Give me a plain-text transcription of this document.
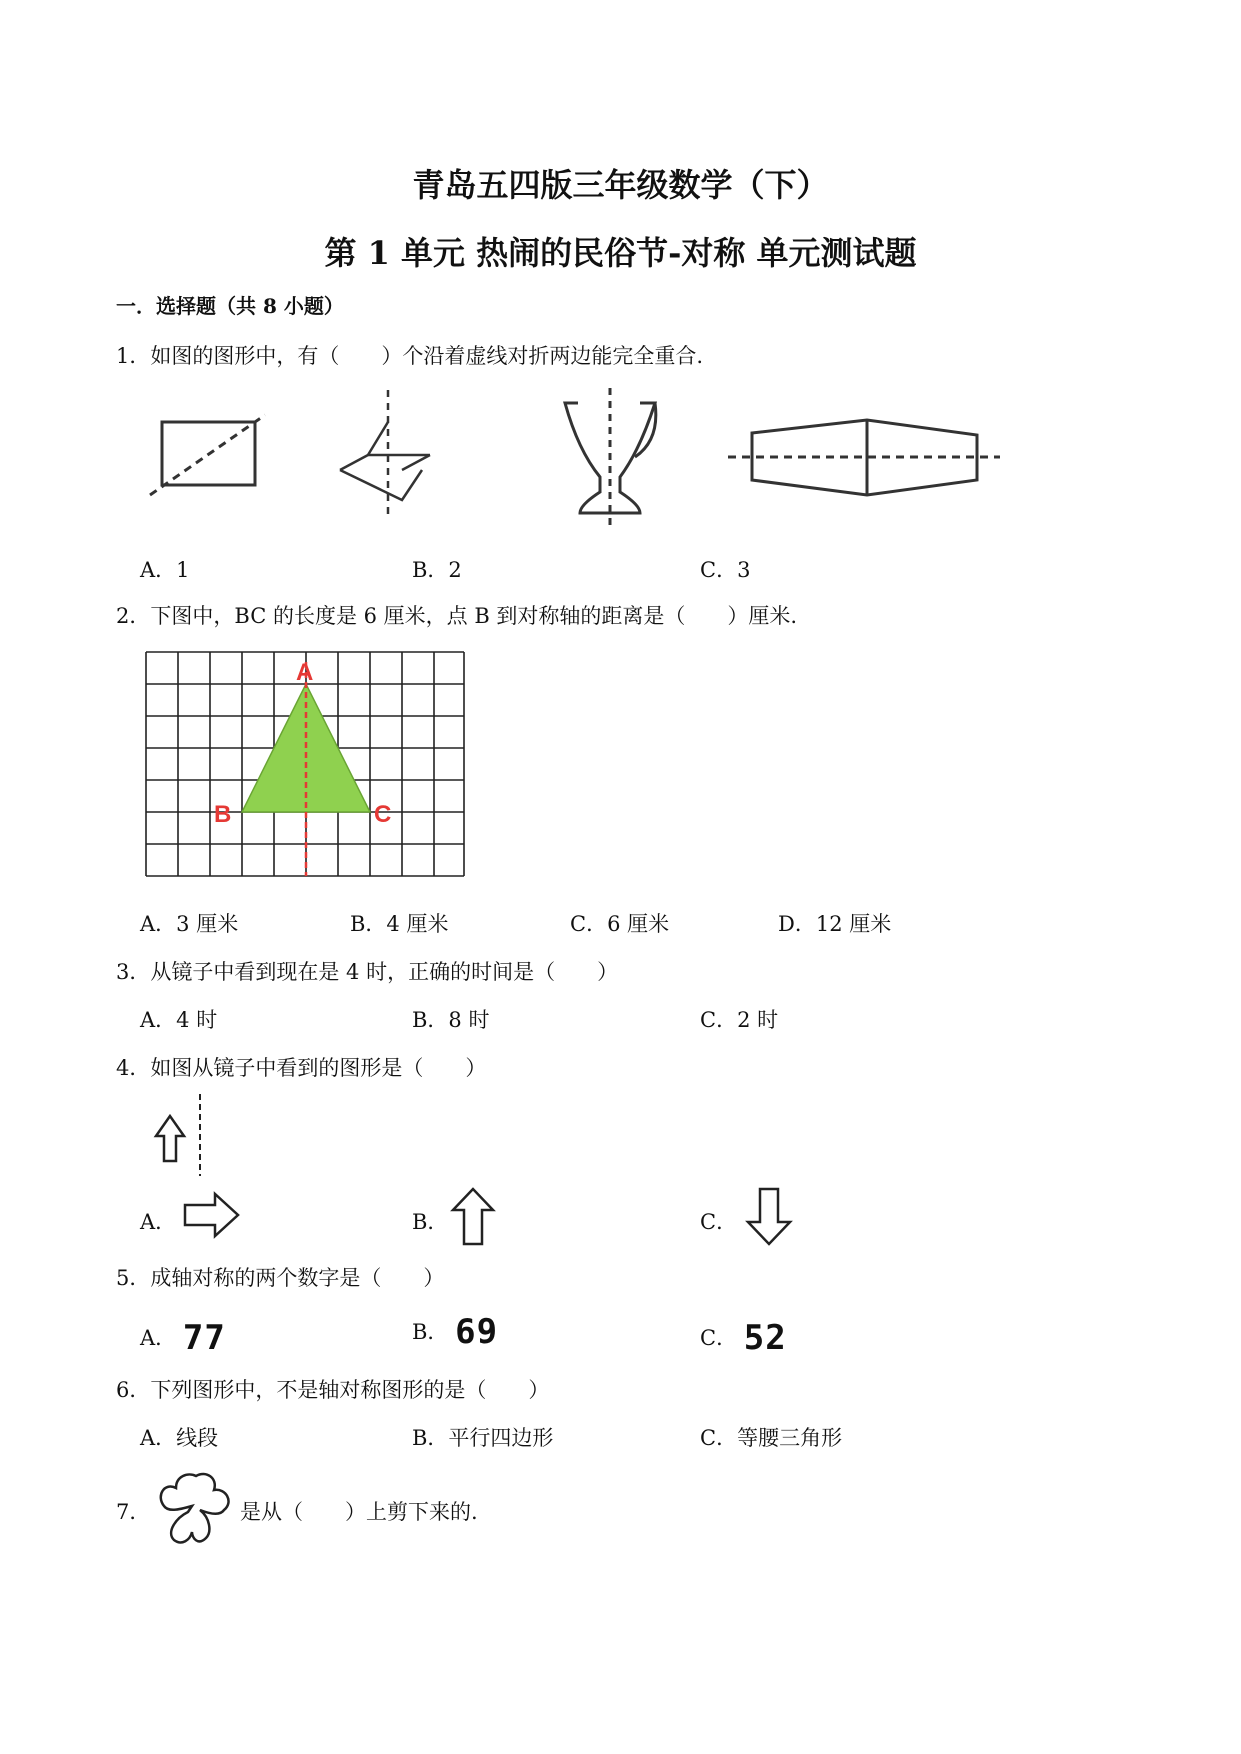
青岛五四版三年级数学（下）
第 1 单元 热闹的民俗节-对称 单元测试题
一．选择题（共 8 小题）
1．如图的图形中，有（　　）个沿着虚线对折两边能完全重合.
A．1	B．2	C．3
2．下图中，BC 的长度是 6 厘米，点 B 到对称轴的距离是（　　）厘米.
A
B	C
A．3 厘米	B．4 厘米	C．6 厘米	D．12 厘米
3．从镜子中看到现在是 4 时，正确的时间是（　　）
A．4 时	B．8 时	C．2 时
4．如图从镜子中看到的图形是（　　）
A．	B．	C．
5．成轴对称的两个数字是（　　）
A． 77	B． 69	C． 52
6．下列图形中，不是轴对称图形的是（　　）
A．线段	B．平行四边形	C．等腰三角形
7．	是从（　　）上剪下来的.
